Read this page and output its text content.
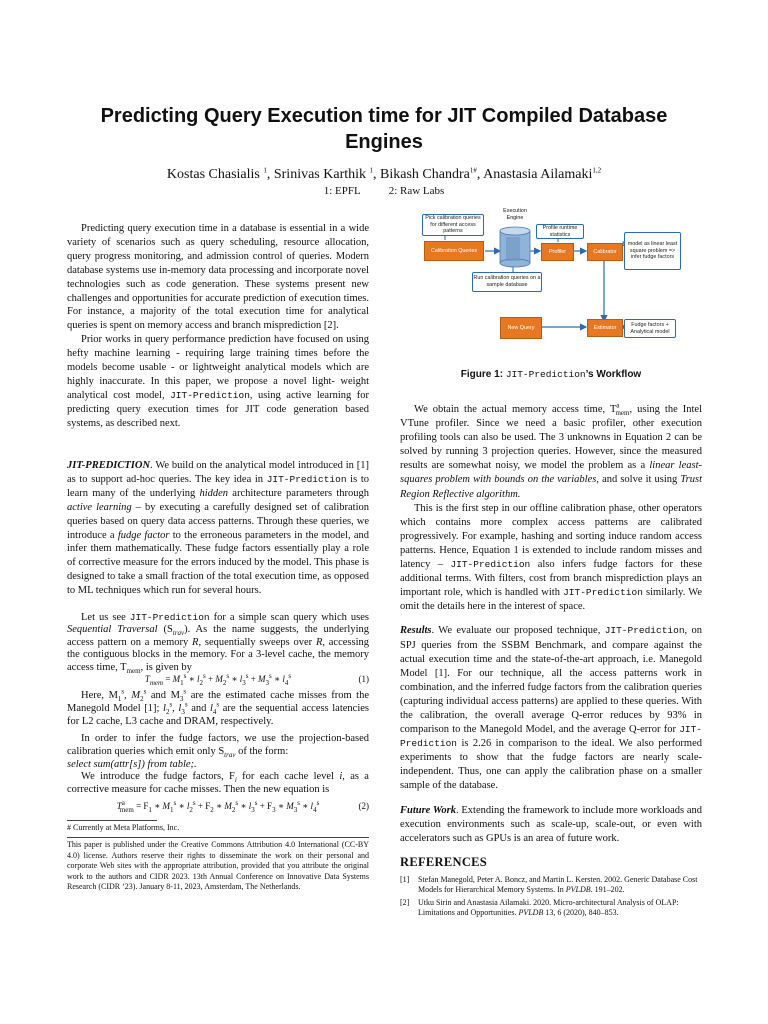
Predicting Query Execution time for JIT Compiled Database Engines
Kostas Chasialis $^1$, Srinivas Karthik $^1$, Bikash Chandra$^{1\#}$, Anastasia Ailamaki$^{1,2}$
1: EPFL	2: Raw Labs

Predicting query execution time in a database is essential in a wide variety of scenarios such as query scheduling, resource allocation, query progress monitoring, and admission control of queries. Modern database systems use in-memory data processing and incorporate novel technologies such as code generation. These systems present new challenges and opportunities for accurate prediction of execution times. For instance, a majority of the total execution time for analytical queries is spent on memory access and branch misprediction [2].

Prior works in query performance prediction have focused on using hefty machine learning - requiring large training times before the models become usable - or lightweight analytical models which are highly inaccurate. In this paper, we propose a novel light- weight analytical cost model, JIT-Prediction, using active learning for predicting query execution times for JIT code generation based systems, as described next.

JIT-PREDICTION. We build on the analytical model introduced in [1] as to support ad-hoc queries. The key idea in JIT-Prediction is to learn many of the underlying hidden architecture parameters through active learning – by executing a carefully designed set of calibration queries based on query data access patterns. Through these queries, we introduce a fudge factor to the erroneous parameters in the model, and infer them mathematically. These fudge factors essentially play a role of corrective measure for the errors induced by the model. This phase is designed to take a small fraction of the total execution time, as opposed to ML techniques which run for several hours.

Let us see JIT-Prediction for a simple scan query which uses Sequential Traversal $(S_{trav})$. As the name suggests, the underlying access pattern on a memory R, sequentially sweeps over R, accessing the contiguous blocks in the memory. For a 3-level cache, the memory access time, $T_{mem}$, is given by

$T_{mem} = M_1^s$ ∗ $l_2^s + M_2^s$ ∗ $l_3^s + M_3^s$ ∗ $l_4^s$	(1)

Here, $M_1^s$, $M_2^s$ and $M_3^s$ are the estimated cache misses from the Manegold Model [1]; $l_2^s$, $l_3^s$ and $l_4^s$ are the sequential access latencies for L2 cache, L3 cache and DRAM, respectively.

In order to infer the fudge factors, we use the projection-based calibration queries which emit only $S_{trav}$ of the form:

select sum(attr[s]) from table;.

We introduce the fudge factors, $F_i$ for each cache level i, as a corrective measure for cache misses. Then the new equation is

$T^a_{mem} = F_1$ ∗ $M_1^s$ ∗ $l_2^s + F_2$ ∗ $M_2^s$ ∗ $l_3^s + F_3$ ∗ $M_3^s$ ∗ $l_4^s$	(2)
# Currently at Meta Platforms, Inc.
This paper is published under the Creative Commons Attribution 4.0 International (CC-BY 4.0) license. Authors reserve their rights to disseminate the work on their personal and corporate Web sites with the appropriate attribution, provided that you attribute the original work to the authors and CIDR 2023. 13th Annual Conference on Innovative Data Systems Research (CIDR ‘23). January 8-11, 2023, Amsterdam, The Netherlands.
Execution Engine
Pick calibration queries for different access patterns
Calibration Queries
Profile runtime statistics
Profiler	Calibrator
model as linear least square problem => infer fudge factors
Run calibration queries on a sample database
New Query	Estimator	Fudge factors + Analytical model
Figure 1: JIT-Prediction’s Workflow

We obtain the actual memory access time, $T^a_{mem}$, using the Intel VTune profiler. Since we need a basic profiler, other execution profiling tools can also be used. The 3 unknowns in Equation 2 can be solved by running 3 projection queries. However, since the measured results are somewhat noisy, we model the problem as a linear least-squares problem with bounds on the variables, and solve it using Trust Region Reflective algorithm.

This is the first step in our offline calibration phase, other operators which contains more complex access patterns are calibrated progressively. For example, hashing and sorting induce random access patterns. Hence, Equation 1 is extended to include random misses and latency – JIT-Prediction also infers fudge factors for these additional terms. With filters, cost from branch misprediction plays an important role, which is handled with JIT-Prediction similarly. We omit the details here in the interest of space.

Results. We evaluate our proposed technique, JIT-Prediction, on SPJ queries from the SSBM Benchmark, and compare against the actual execution time and the state-of-the-art approach, i.e. Manegold Model [1]. For our technique, all the access patterns work in combination, and the inferred fudge factors from the calibration queries (capturing individual access patterns) are applied to these queries. With the calibration, the overall average Q-error reduces by 93% in comparison to the Manegold Model, and the average Q-error for JIT-Prediction is 2.26 in comparison to the ideal. We also performed experiments to show that the fudge factors are nearly scale-independent. Thus, one can apply the calibration phase on a smaller sample of the database.

Future Work. Extending the framework to include more workloads and execution environments such as scale-up, scale-out, or even with accelerators such as GPUs is an area of future work.

REFERENCES
[1] Stefan Manegold, Peter A. Boncz, and Martin L. Kersten. 2002. Generic Database Cost Models for Hierarchical Memory Systems. In PVLDB. 191–202.
[2] Utku Sirin and Anastasia Ailamaki. 2020. Micro-architectural Analysis of OLAP: Limitations and Opportunities. PVLDB 13, 6 (2020), 840–853.
